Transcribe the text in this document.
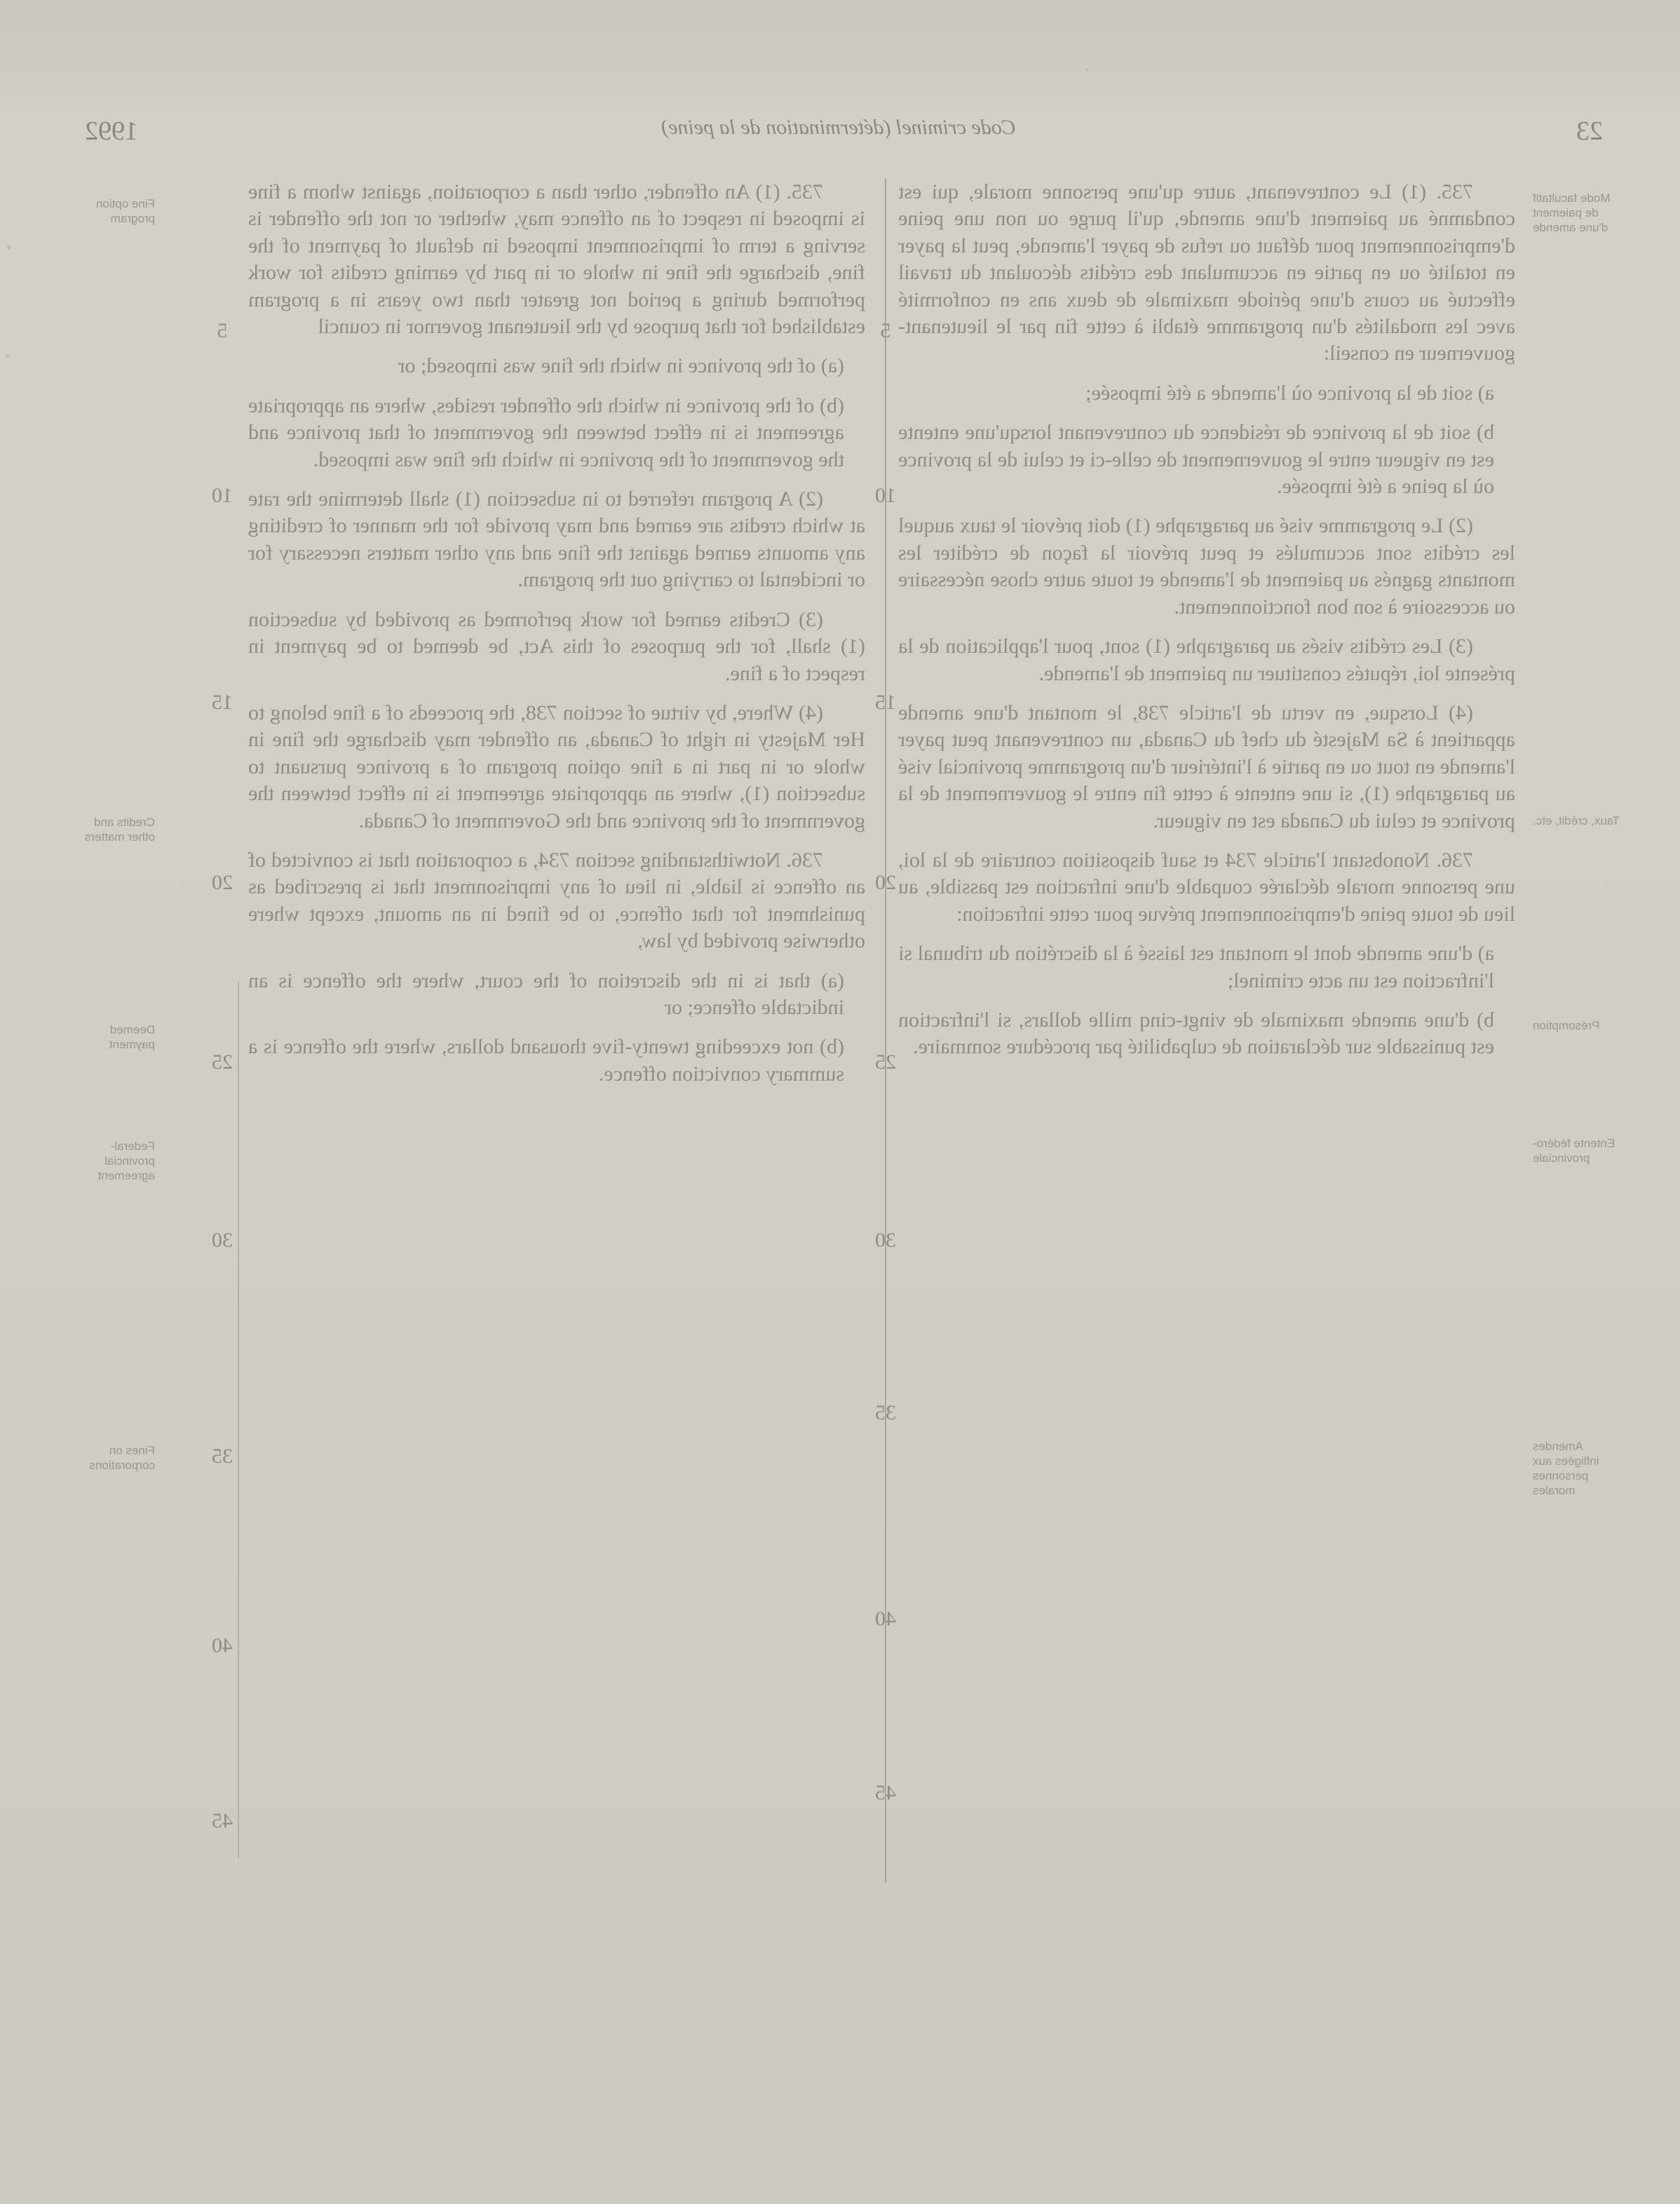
1992	Code criminel (détermination de la peine)	23

735. (1) An offender, other than a corporation, against whom a fine is imposed in respect of an offence may, whether or not the offender is serving a term of imprisonment imposed in default of payment of the fine, discharge the fine in whole or in part by earning credits for work performed during a period not greater than two years in a program established for that purpose by the lieutenant governor in council

(a) of the province in which the fine was imposed; or

(b) of the province in which the offender resides, where an appropriate agreement is in effect between the government of that province and the government of the province in which the fine was imposed.

(2) A program referred to in subsection (1) shall determine the rate at which credits are earned and may provide for the manner of crediting any amounts earned against the fine and any other matters necessary for or incidental to carrying out the program.

(3) Credits earned for work performed as provided by subsection (1) shall, for the purposes of this Act, be deemed to be payment in respect of a fine.

(4) Where, by virtue of section 738, the proceeds of a fine belong to Her Majesty in right of Canada, an offender may discharge the fine in whole or in part in a fine option program of a province pursuant to subsection (1), where an appropriate agreement is in effect between the government of the province and the Government of Canada.

736. Notwithstanding section 734, a corporation that is convicted of an offence is liable, in lieu of any imprisonment that is prescribed as punishment for that offence, to be fined in an amount, except where otherwise provided by law,

(a) that is in the discretion of the court, where the offence is an indictable offence; or

(b) not exceeding twenty-five thousand dollars, where the offence is a summary conviction offence.

735. (1) Le contrevenant, autre qu'une personne morale, qui est condamné au paiement d'une amende, qu'il purge ou non une peine d'emprisonnement pour défaut ou refus de payer l'amende, peut la payer en totalité ou en partie en accumulant des crédits découlant du travail effectué au cours d'une période maximale de deux ans en conformité avec les modalités d'un programme établi à cette fin par le lieutenant-gouverneur en conseil:

a) soit de la province où l'amende a été imposée;

b) soit de la province de résidence du contrevenant lorsqu'une entente est en vigueur entre le gouvernement de celle-ci et celui de la province où la peine a été imposée.

(2) Le programme visé au paragraphe (1) doit prévoir le taux auquel les crédits sont accumulés et peut prévoir la façon de créditer les montants gagnés au paiement de l'amende et toute autre chose nécessaire ou accessoire à son bon fonctionnement.

(3) Les crédits visés au paragraphe (1) sont, pour l'application de la présente loi, réputés constituer un paiement de l'amende.

(4) Lorsque, en vertu de l'article 738, le montant d'une amende appartient à Sa Majesté du chef du Canada, un contrevenant peut payer l'amende en tout ou en partie à l'intérieur d'un programme provincial visé au paragraphe (1), si une entente à cette fin entre le gouvernement de la province et celui du Canada est en vigueur.

736. Nonobstant l'article 734 et sauf disposition contraire de la loi, une personne morale déclarée coupable d'une infraction est passible, au lieu de toute peine d'emprisonnement prévue pour cette infraction:

a) d'une amende dont le montant est laissé à la discrétion du tribunal si l'infraction est un acte criminel;

b) d'une amende maximale de vingt-cinq mille dollars, si l'infraction est punissable sur déclaration de culpabilité par procédure sommaire.

Fine option program
Credits and other matters
Deemed payment
Federal-provincial agreement
Fines on corporations
Mode facultatif de paiement d'une amende
Taux, crédit, etc.
Présomption
Entente fédéro-provinciale
Amendes infligées aux personnes morales
5
5
10
10
15
15
20
20
25
25
30
30
35
35
40
40
45
45
